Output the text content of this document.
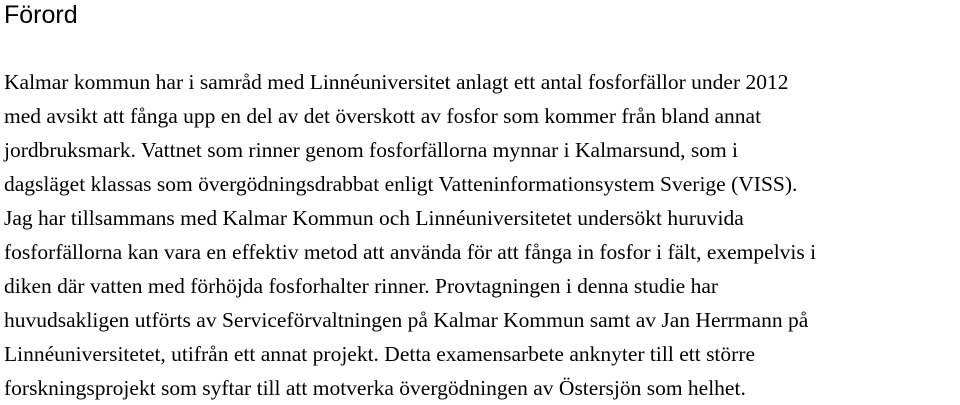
Förord

Kalmar kommun har i samråd med Linnéuniversitet anlagt ett antal fosforfällor under 2012
med avsikt att fånga upp en del av det överskott av fosfor som kommer från bland annat
jordbruksmark. Vattnet som rinner genom fosforfällorna mynnar i Kalmarsund, som i
dagsläget klassas som övergödningsdrabbat enligt Vatteninformationsystem Sverige (VISS).
Jag har tillsammans med Kalmar Kommun och Linnéuniversitetet undersökt huruvida
fosforfällorna kan vara en effektiv metod att använda för att fånga in fosfor i fält, exempelvis i
diken där vatten med förhöjda fosforhalter rinner. Provtagningen i denna studie har
huvudsakligen utförts av Serviceförvaltningen på Kalmar Kommun samt av Jan Herrmann på
Linnéuniversitetet, utifrån ett annat projekt. Detta examensarbete anknyter till ett större
forskningsprojekt som syftar till att motverka övergödningen av Östersjön som helhet.
